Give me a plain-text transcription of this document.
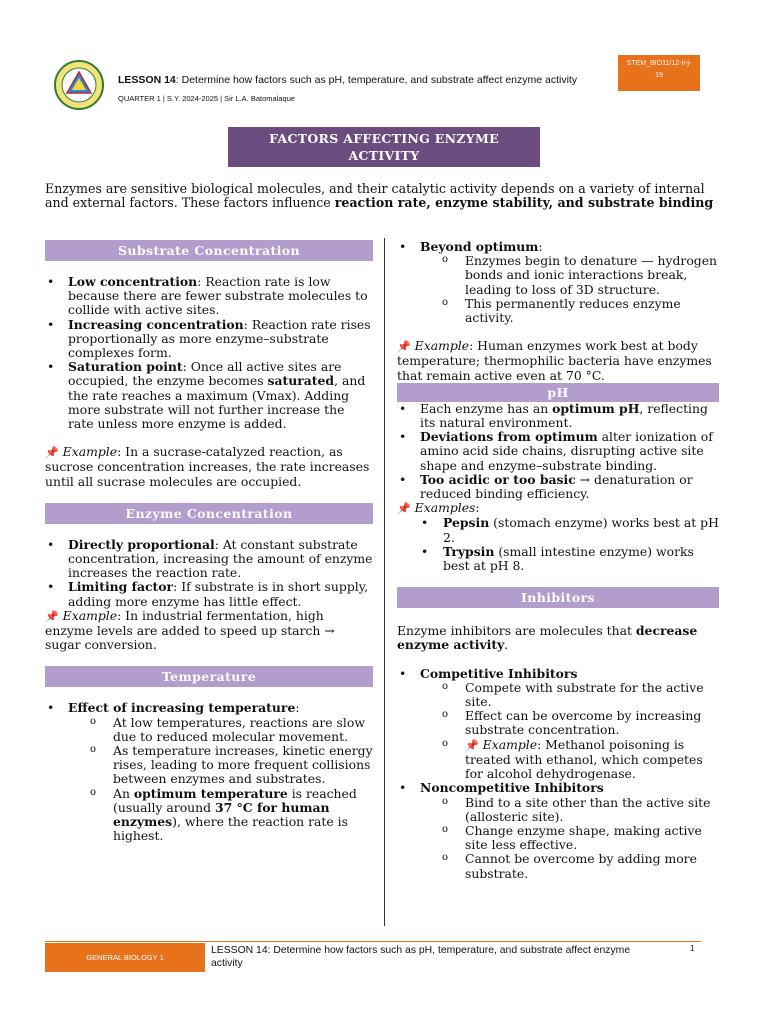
LESSON 14: Determine how factors such as pH, temperature, and substrate affect enzyme activity
QUARTER 1 | S.Y. 2024-2025 | Sir L.A. Batomalaque
STEM_BIO11/12-Ii-j-
19
FACTORS AFFECTING ENZYME
ACTIVITY
Enzymes are sensitive biological molecules, and their catalytic activity depends on a variety of internal and external factors. These factors influence reaction rate, enzyme stability, and substrate binding
Substrate Concentration
• Low concentration: Reaction rate is low because there are fewer substrate molecules to collide with active sites.
• Increasing concentration: Reaction rate rises proportionally as more enzyme–substrate complexes form.
• Saturation point: Once all active sites are occupied, the enzyme becomes saturated, and the rate reaches a maximum (Vmax). Adding more substrate will not further increase the rate unless more enzyme is added.
📌 Example: In a sucrase-catalyzed reaction, as sucrose concentration increases, the rate increases until all sucrase molecules are occupied.
Enzyme Concentration
• Directly proportional: At constant substrate concentration, increasing the amount of enzyme increases the reaction rate.
• Limiting factor: If substrate is in short supply, adding more enzyme has little effect.
📌 Example: In industrial fermentation, high enzyme levels are added to speed up starch → sugar conversion.
Temperature
• Effect of increasing temperature:
o At low temperatures, reactions are slow due to reduced molecular movement.
o As temperature increases, kinetic energy rises, leading to more frequent collisions between enzymes and substrates.
o An optimum temperature is reached (usually around 37 °C for human enzymes), where the reaction rate is highest.
• Beyond optimum:
o Enzymes begin to denature — hydrogen bonds and ionic interactions break, leading to loss of 3D structure.
o This permanently reduces enzyme activity.
📌 Example: Human enzymes work best at body temperature; thermophilic bacteria have enzymes that remain active even at 70 °C.
pH
• Each enzyme has an optimum pH, reflecting its natural environment.
• Deviations from optimum alter ionization of amino acid side chains, disrupting active site shape and enzyme–substrate binding.
• Too acidic or too basic → denaturation or reduced binding efficiency.
📌 Examples:
• Pepsin (stomach enzyme) works best at pH 2.
• Trypsin (small intestine enzyme) works best at pH 8.
Inhibitors
Enzyme inhibitors are molecules that decrease enzyme activity.
• Competitive Inhibitors
o Compete with substrate for the active site.
o Effect can be overcome by increasing substrate concentration.
o 📌 Example: Methanol poisoning is treated with ethanol, which competes for alcohol dehydrogenase.
• Noncompetitive Inhibitors
o Bind to a site other than the active site (allosteric site).
o Change enzyme shape, making active site less effective.
o Cannot be overcome by adding more substrate.
GENERAL BIOLOGY 1
LESSON 14: Determine how factors such as pH, temperature, and substrate affect enzyme activity
1
